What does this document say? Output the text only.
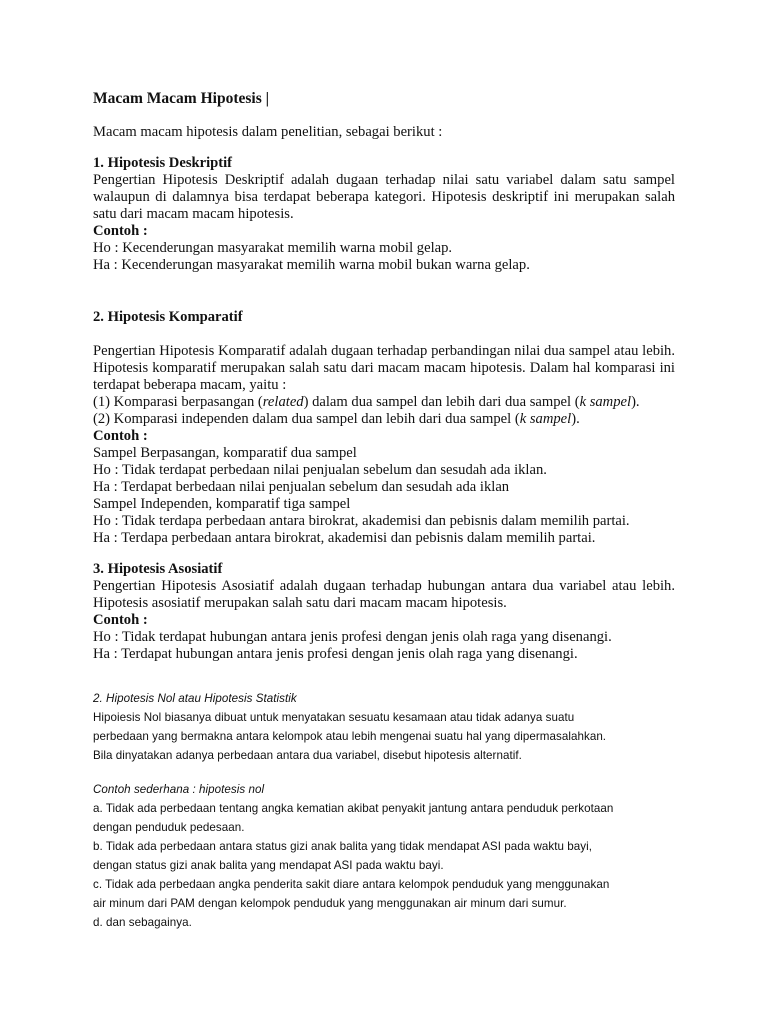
Macam Macam Hipotesis |
Macam macam hipotesis dalam penelitian, sebagai berikut :
1. Hipotesis Deskriptif
Pengertian Hipotesis Deskriptif adalah dugaan terhadap nilai satu variabel dalam satu sampel walaupun di dalamnya bisa terdapat beberapa kategori. Hipotesis deskriptif ini merupakan salah satu dari macam macam hipotesis.
Contoh :
Ho : Kecenderungan masyarakat memilih warna mobil gelap.
Ha : Kecenderungan masyarakat memilih warna mobil bukan warna gelap.
2. Hipotesis Komparatif
Pengertian Hipotesis Komparatif adalah dugaan terhadap perbandingan nilai dua sampel atau lebih. Hipotesis komparatif merupakan salah satu dari macam macam hipotesis. Dalam hal komparasi ini terdapat beberapa macam, yaitu :
(1) Komparasi berpasangan (related) dalam dua sampel dan lebih dari dua sampel (k sampel).
(2) Komparasi independen dalam dua sampel dan lebih dari dua sampel (k sampel).
Contoh :
Sampel Berpasangan, komparatif dua sampel
Ho : Tidak terdapat perbedaan nilai penjualan sebelum dan sesudah ada iklan.
Ha : Terdapat berbedaan nilai penjualan sebelum dan sesudah ada iklan
Sampel Independen, komparatif tiga sampel
Ho : Tidak terdapa perbedaan antara birokrat, akademisi dan pebisnis dalam memilih partai.
Ha : Terdapa perbedaan antara birokrat, akademisi dan pebisnis dalam memilih partai.
3. Hipotesis Asosiatif
Pengertian Hipotesis Asosiatif adalah dugaan terhadap hubungan antara dua variabel atau lebih. Hipotesis asosiatif merupakan salah satu dari macam macam hipotesis.
Contoh :
Ho : Tidak terdapat hubungan antara jenis profesi dengan jenis olah raga yang disenangi.
Ha : Terdapat hubungan antara jenis profesi dengan jenis olah raga yang disenangi.
2. Hipotesis Nol atau Hipotesis Statistik
Hipoiesis Nol biasanya dibuat untuk menyatakan sesuatu kesamaan atau tidak adanya suatu
perbedaan yang bermakna antara kelompok atau lebih mengenai suatu hal yang dipermasalahkan.
Bila dinyatakan adanya perbedaan antara dua variabel, disebut hipotesis alternatif.
Contoh sederhana : hipotesis nol
a. Tidak ada perbedaan tentang angka kematian akibat penyakit jantung antara penduduk perkotaan
dengan penduduk pedesaan.
b. Tidak ada perbedaan antara status gizi anak balita yang tidak mendapat ASI pada waktu bayi,
dengan status gizi anak balita yang mendapat ASI pada waktu bayi.
c. Tidak ada perbedaan angka penderita sakit diare antara kelompok penduduk yang menggunakan
air minum dari PAM dengan kelompok penduduk yang menggunakan air minum dari sumur.
d. dan sebagainya.
